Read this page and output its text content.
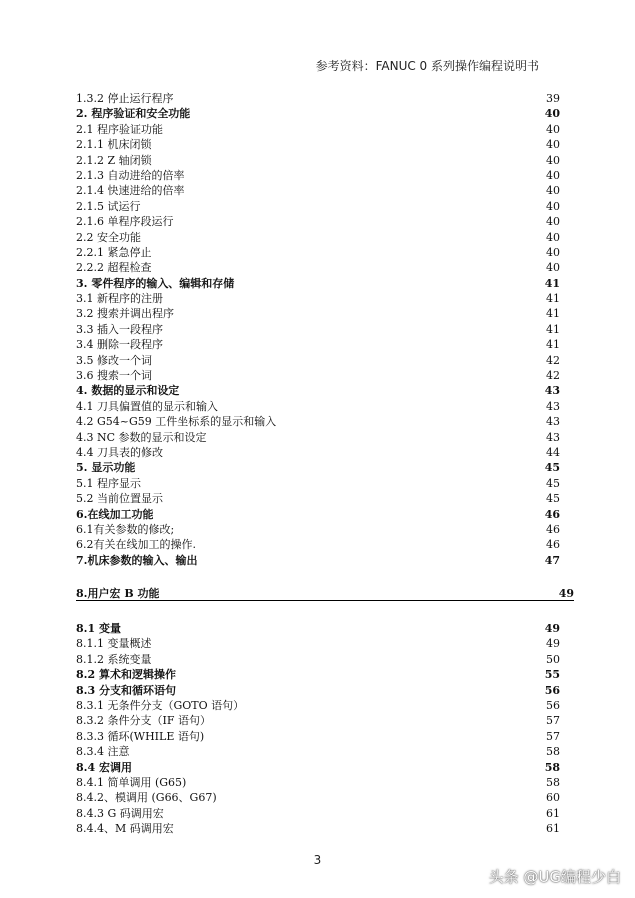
参考资料：FANUC 0 系列操作编程说明书
1.3.2 停止运行程序	39
2. 程序验证和安全功能	40
2.1 程序验证功能	40
2.1.1 机床闭锁	40
2.1.2 Z 轴闭锁	40
2.1.3 自动进给的倍率	40
2.1.4 快速进给的倍率	40
2.1.5 试运行	40
2.1.6 单程序段运行	40
2.2 安全功能	40
2.2.1 紧急停止	40
2.2.2 超程检查	40
3. 零件程序的输入、编辑和存储	41
3.1 新程序的注册	41
3.2 搜索并调出程序	41
3.3 插入一段程序	41
3.4 删除一段程序	41
3.5 修改一个词	42
3.6 搜索一个词	42
4. 数据的显示和设定	43
4.1 刀具偏置值的显示和输入	43
4.2 G54~G59 工件坐标系的显示和输入	43
4.3 NC 参数的显示和设定	43
4.4 刀具表的修改	44
5. 显示功能	45
5.1 程序显示	45
5.2 当前位置显示	45
6.在线加工功能	46
6.1有关参数的修改;	46
6.2有关在线加工的操作.	46
7.机床参数的输入、输出	47
8.用户宏 B 功能	49
8.1 变量	49
8.1.1 变量概述	49
8.1.2 系统变量	50
8.2 算术和逻辑操作	55
8.3 分支和循环语句	56
8.3.1 无条件分支（GOTO 语句）	56
8.3.2 条件分支（IF 语句）	57
8.3.3 循环(WHILE 语句)	57
8.3.4 注意	58
8.4 宏调用	58
8.4.1 简单调用 (G65)	58
8.4.2、模调用 (G66、G67)	60
8.4.3 G 码调用宏	61
8.4.4、M 码调用宏	61
3
头条 @UG编程少白
